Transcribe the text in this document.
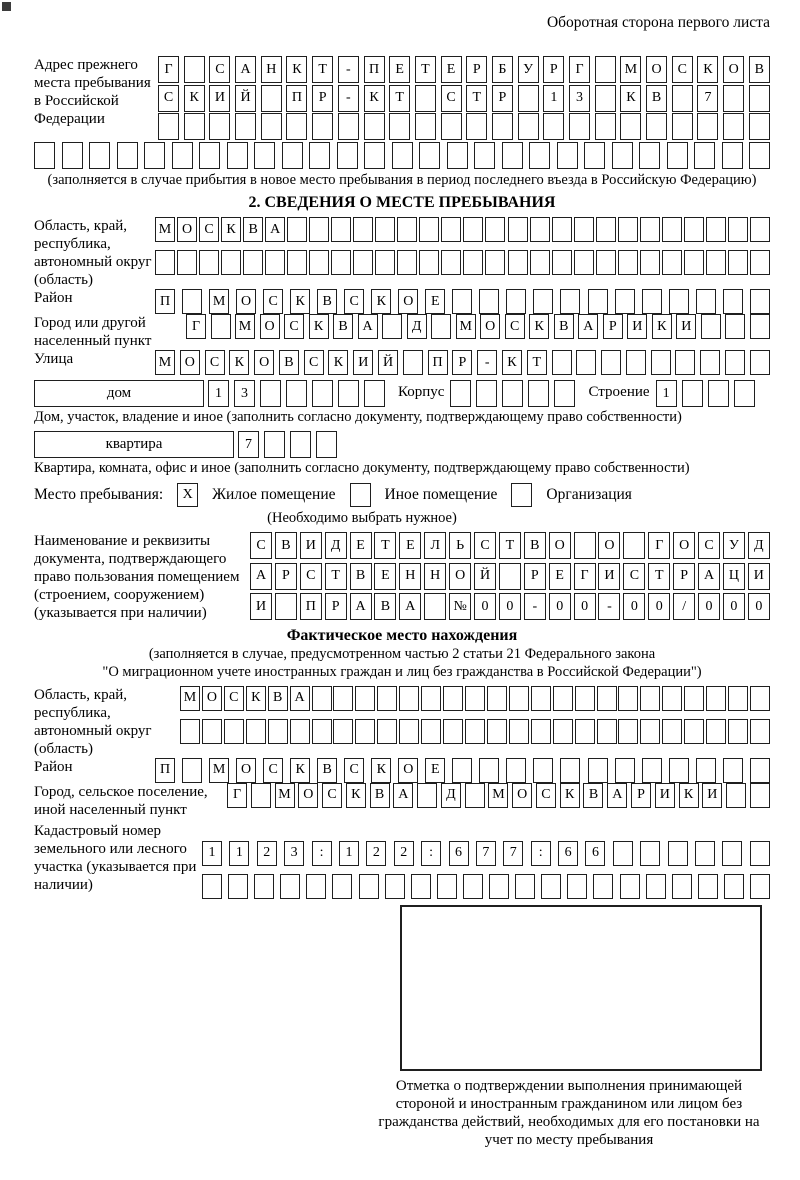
Оборотная сторона первого листа
Адрес прежнего места пребывания в Российской Федерации
Г	С	А	Н	К	Т	-	П	Е	Т	Е	Р	Б	У	Р	Г	М	О	С	К	О	В
С	К	И	Й	П	Р	-	К	Т	С	Т	Р	1	3	К	В	7
(заполняется в случае прибытия в новое место пребывания в период последнего въезда в Российскую Федерацию)
2. СВЕДЕНИЯ О МЕСТЕ ПРЕБЫВАНИЯ
Область, край, республика, автономный округ (область)
М О С К В А
Район	П	М	О	С	К	В	С	К	О	Е
Город или другой населенный пункт
Г	М О	С	К	В	А	Д	М О	С	К	В	А	Р	И	К	И
Улица	М О	С	К	О	В	С	К	И	Й	П	Р	-	К	Т
дом	1	3	Корпус	Строение 1
Дом, участок, владение и иное (заполнить согласно документу, подтверждающему право собственности)
квартира	7
Квартира, комната, офис и иное (заполнить согласно документу, подтверждающему право собственности)
Место пребывания:	X	Жилое помещение	Иное помещение	Организация
(Необходимо выбрать нужное)
Наименование и реквизиты документа, подтверждающего право пользования помещением (строением, сооружением) (указывается при наличии)
С	В	И	Д	Е	Т	Е	Л	Ь	С	Т	В	О	О	Г	О	С	У	Д
А	Р	С	Т	В	Е	Н	Н	О	Й	Р	Е	Г	И	С	Т	Р	А	Ц	И
И	П	Р	А	В	А	№	0	0	-	0	0	-	0	0	/	0	0	0
Фактическое место нахождения
(заполняется в случае, предусмотренном частью 2 статьи 21 Федерального закона
"О миграционном учете иностранных граждан и лиц без гражданства в Российской Федерации")
Область, край, республика, автономный округ (область)
М О С К В А
Район	П	М	О	С	К	В	С	К	О	Е
Город, сельское поселение, иной населенный пункт
Г	М О	С	К	В	А	Д	М О	С	К	В	А	Р	И	К	И
Кадастровый номер земельного или лесного участка (указывается при наличии)
1	1	2	3	:	1	2	2	:	6	7	7	:	6	6
Отметка о подтверждении выполнения принимающей стороной и иностранным гражданином или лицом без гражданства действий, необходимых для его постановки на учет по месту пребывания
